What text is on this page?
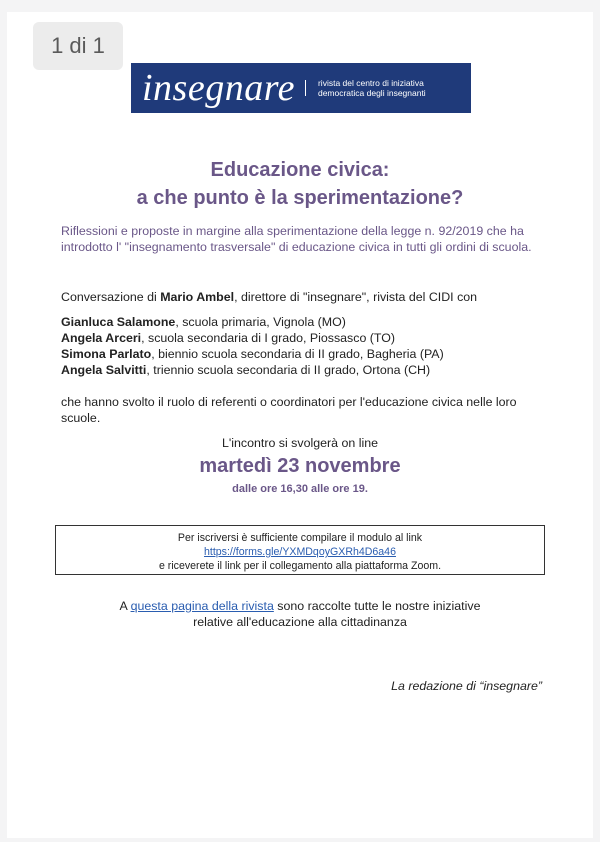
1 di 1
insegnare	rivista del centro di iniziativa democratica degli insegnanti
Educazione civica:
a che punto è la sperimentazione?
Riflessioni e proposte in margine alla sperimentazione della legge n. 92/2019 che ha introdotto l' "insegnamento trasversale" di educazione civica in tutti gli ordini di scuola.
Conversazione di Mario Ambel, direttore di "insegnare", rivista del CIDI con
Gianluca Salamone, scuola primaria, Vignola (MO)
Angela Arceri, scuola secondaria di I grado, Piossasco (TO)
Simona Parlato, biennio scuola secondaria di II grado, Bagheria (PA)
Angela Salvitti, triennio scuola secondaria di II grado, Ortona (CH)
che hanno svolto il ruolo di referenti o coordinatori per l'educazione civica nelle loro scuole.
L'incontro si svolgerà on line
martedì 23 novembre
dalle ore 16,30 alle ore 19.
Per iscriversi è sufficiente compilare il modulo al link
https://forms.gle/YXMDqoyGXRh4D6a46
e riceverete il link per il collegamento alla piattaforma Zoom.
A questa pagina della rivista sono raccolte tutte le nostre iniziative
relative all'educazione alla cittadinanza
La redazione di “insegnare”
